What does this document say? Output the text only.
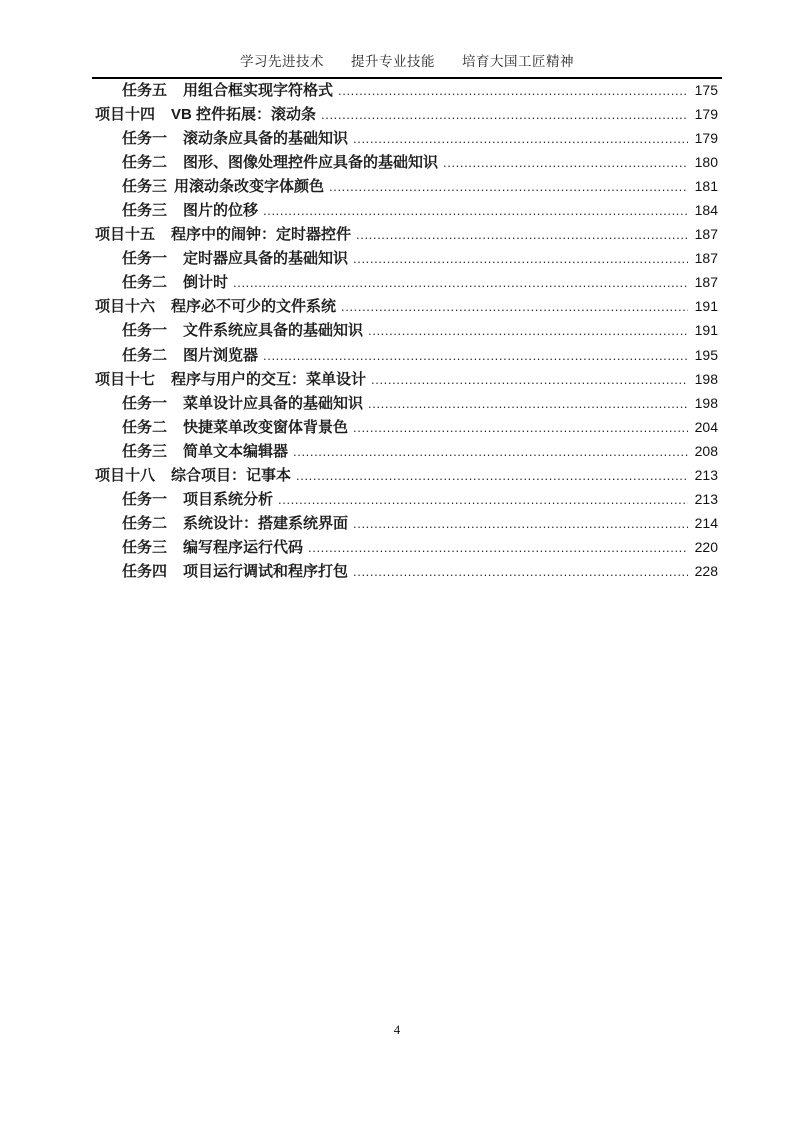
学习先进技术 提升专业技能 培育大国工匠精神
任务五 用组合框实现字符格式 .....	175
项目十四 VB 控件拓展：滚动条 .....	179
任务一 滚动条应具备的基础知识 .....	179
任务二 图形、图像处理控件应具备的基础知识 .....	180
任务三 用滚动条改变字体颜色 .....	181
任务三 图片的位移 .....	184
项目十五 程序中的闹钟：定时器控件 .....	187
任务一 定时器应具备的基础知识 .....	187
任务二 倒计时 .....	187
项目十六 程序必不可少的文件系统 .....	191
任务一 文件系统应具备的基础知识 .....	191
任务二 图片浏览器 .....	195
项目十七 程序与用户的交互：菜单设计 .....	198
任务一 菜单设计应具备的基础知识 .....	198
任务二 快捷菜单改变窗体背景色 .....	204
任务三 简单文本编辑器 .....	208
项目十八 综合项目：记事本 .....	213
任务一 项目系统分析 .....	213
任务二 系统设计：搭建系统界面 .....	214
任务三 编写程序运行代码 .....	220
任务四 项目运行调试和程序打包 .....	228
4
